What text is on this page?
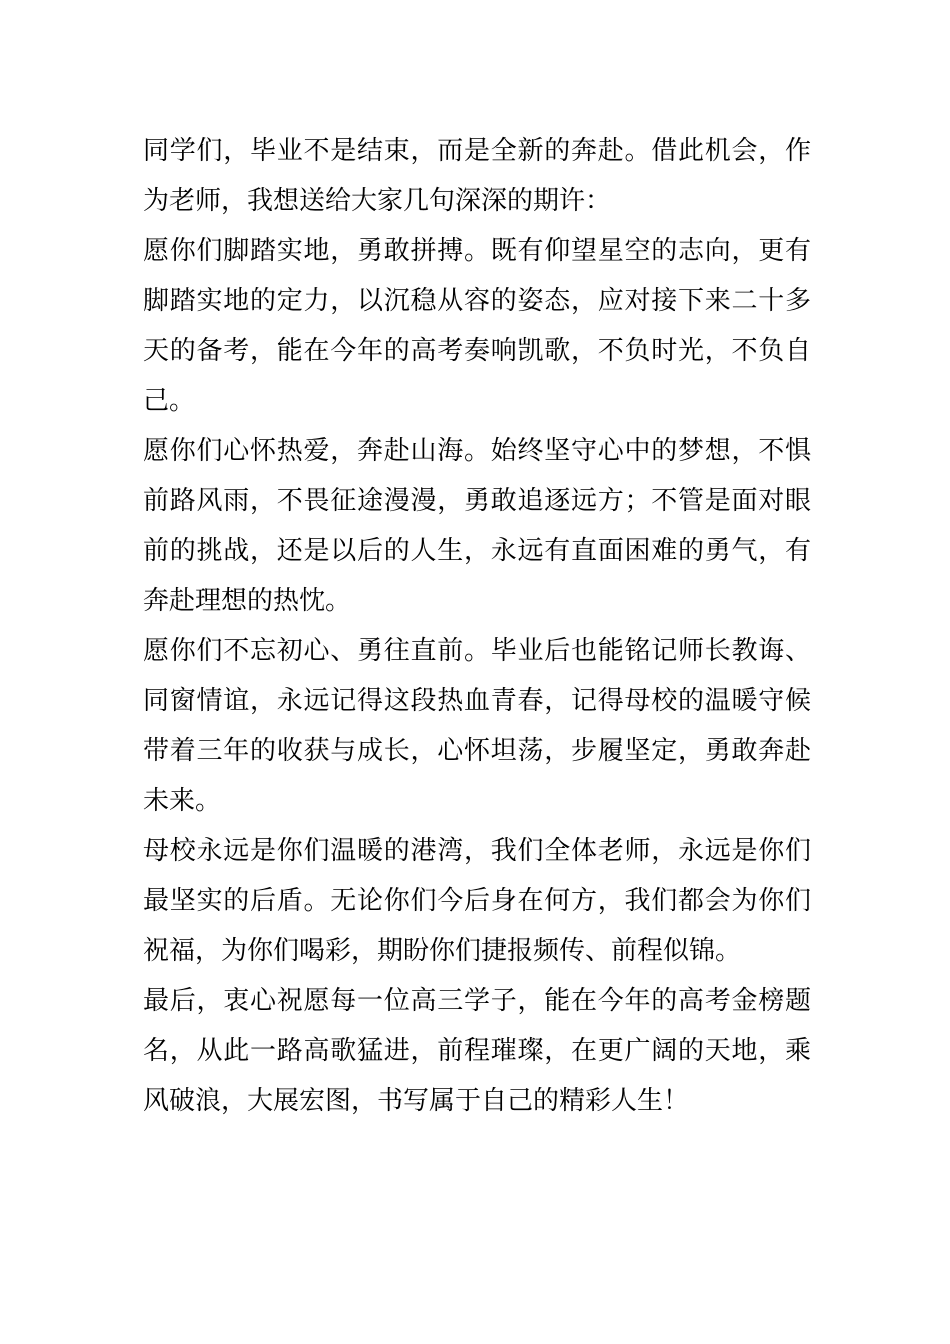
同学们，毕业不是结束，而是全新的奔赴。借此机会，作为老师，我想送给大家几句深深的期许：

愿你们脚踏实地，勇敢拼搏。既有仰望星空的志向，更有脚踏实地的定力，以沉稳从容的姿态，应对接下来二十多天的备考，能在今年的高考奏响凯歌，不负时光，不负自己。

愿你们心怀热爱，奔赴山海。始终坚守心中的梦想，不惧前路风雨，不畏征途漫漫，勇敢追逐远方；不管是面对眼前的挑战，还是以后的人生，永远有直面困难的勇气，有奔赴理想的热忱。

愿你们不忘初心、勇往直前。毕业后也能铭记师长教诲、同窗情谊，永远记得这段热血青春，记得母校的温暖守候带着三年的收获与成长，心怀坦荡，步履坚定，勇敢奔赴未来。

母校永远是你们温暖的港湾，我们全体老师，永远是你们最坚实的后盾。无论你们今后身在何方，我们都会为你们祝福，为你们喝彩，期盼你们捷报频传、前程似锦。

最后，衷心祝愿每一位高三学子，能在今年的高考金榜题名，从此一路高歌猛进，前程璀璨，在更广阔的天地，乘风破浪，大展宏图，书写属于自己的精彩人生！
